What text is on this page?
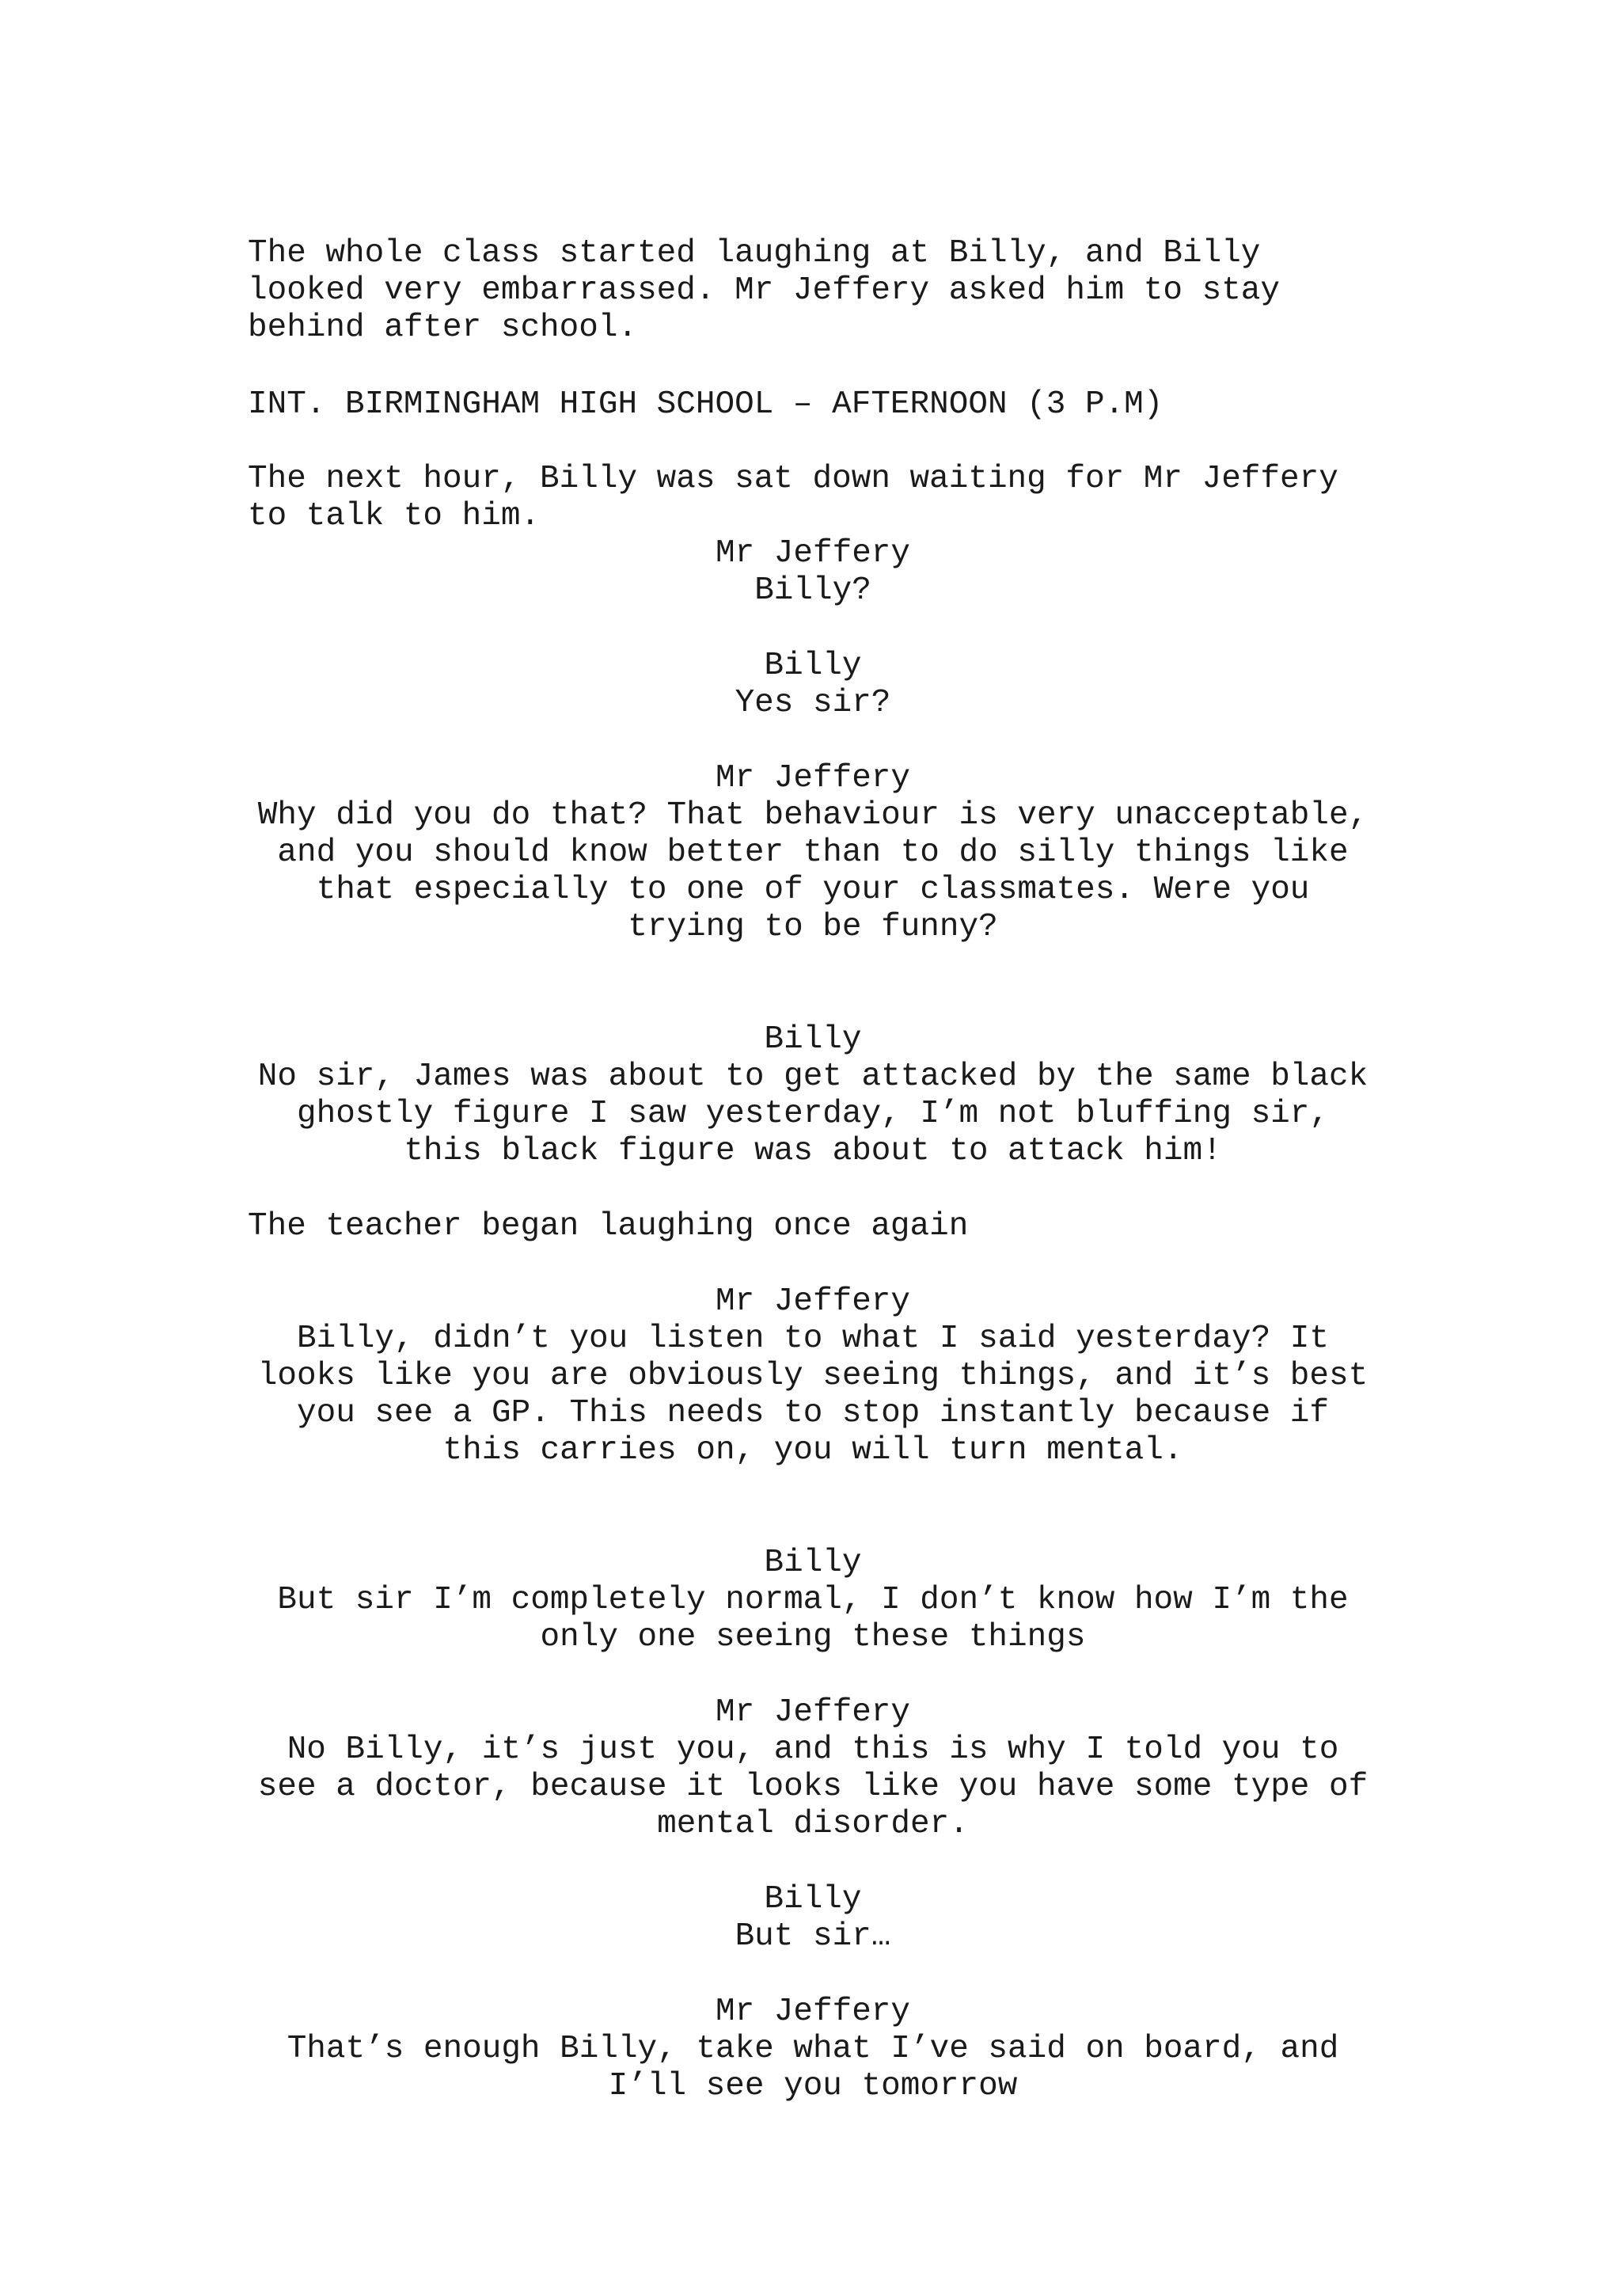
The whole class started laughing at Billy, and Billy
looked very embarrassed. Mr Jeffery asked him to stay
behind after school.
INT. BIRMINGHAM HIGH SCHOOL – AFTERNOON (3 P.M)
The next hour, Billy was sat down waiting for Mr Jeffery
to talk to him.
Mr Jeffery
Billy?
Billy
Yes sir?
Mr Jeffery
Why did you do that? That behaviour is very unacceptable,
and you should know better than to do silly things like
that especially to one of your classmates. Were you
trying to be funny?
Billy
No sir, James was about to get attacked by the same black
ghostly figure I saw yesterday, I’m not bluffing sir,
this black figure was about to attack him!
The teacher began laughing once again
Mr Jeffery
Billy, didn’t you listen to what I said yesterday? It
looks like you are obviously seeing things, and it’s best
you see a GP. This needs to stop instantly because if
this carries on, you will turn mental.
Billy
But sir I’m completely normal, I don’t know how I’m the
only one seeing these things
Mr Jeffery
No Billy, it’s just you, and this is why I told you to
see a doctor, because it looks like you have some type of
mental disorder.
Billy
But sir…
Mr Jeffery
That’s enough Billy, take what I’ve said on board, and
I’ll see you tomorrow
